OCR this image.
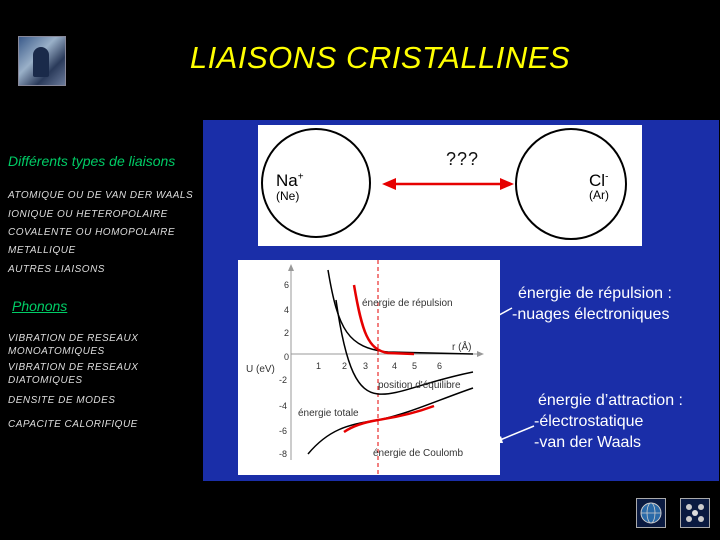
LIAISONS CRISTALLINES
Différents types de liaisons
ATOMIQUE OU DE VAN DER WAALS
IONIQUE OU HETEROPOLAIRE
COVALENTE OU HOMOPOLAIRE
METALLIQUE
AUTRES LIAISONS
Phonons
VIBRATION DE RESEAUX MONOATOMIQUES
VIBRATION DE RESEAUX DIATOMIQUES
DENSITE DE MODES
CAPACITE CALORIFIQUE
???
Na+
(Ne)
Cl-
(Ar)
6
4
2
0
-2
-4
-6
-8
1 2 3	4 5 6
U (eV)
r (Å)
énergie de répulsion
position d'équilibre
énergie totale
énergie de Coulomb
énergie de répulsion :
-nuages électroniques
énergie d’attraction :
-électrostatique
-van der Waals
